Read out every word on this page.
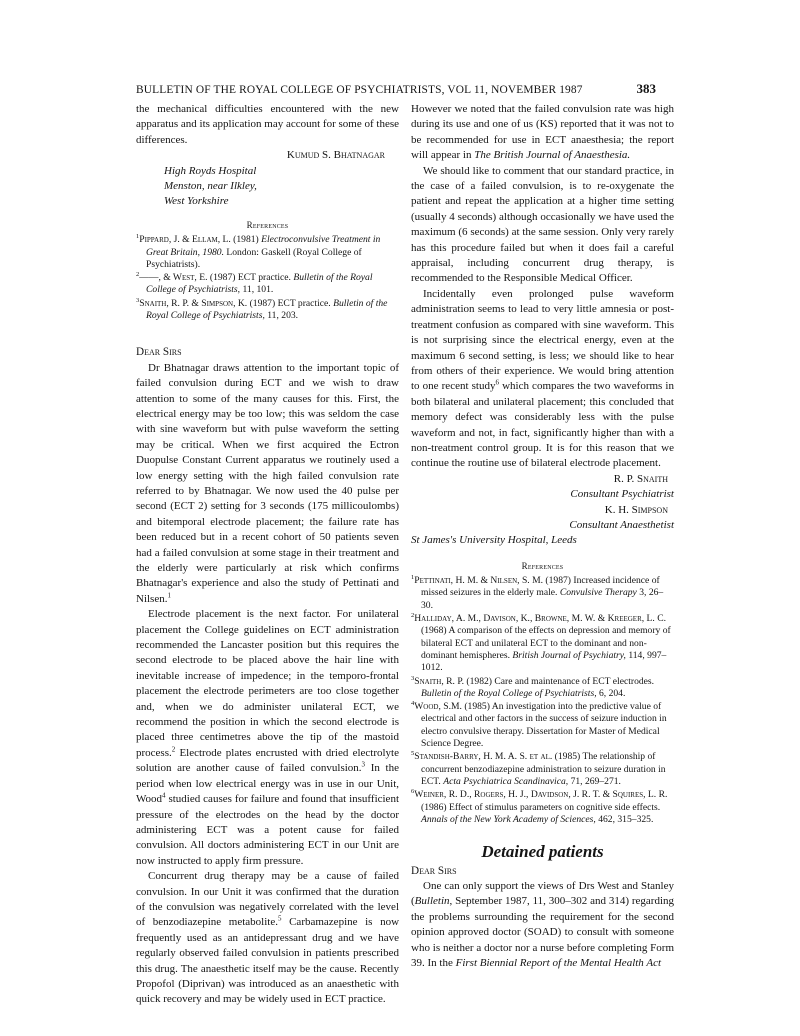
BULLETIN OF THE ROYAL COLLEGE OF PSYCHIATRISTS, VOL 11, NOVEMBER 1987	383

the mechanical difficulties encountered with the new apparatus and its application may account for some of these differences.

Kumud S. Bhatnagar

High Royds Hospital

Menston, near Ilkley,

West Yorkshire

References
$^1$Pippard, J. & Ellam, L. (1981) Electroconvulsive Treatment in Great Britain, 1980. London: Gaskell (Royal College of Psychiatrists).
$^2$——, & West, E. (1987) ECT practice. Bulletin of the Royal College of Psychiatrists, 11, 101.
$^3$Snaith, R. P. & Simpson, K. (1987) ECT practice. Bulletin of the Royal College of Psychiatrists, 11, 203.

Dear Sirs

Dr Bhatnagar draws attention to the important topic of failed convulsion during ECT and we wish to draw attention to some of the many causes for this. First, the electrical energy may be too low; this was seldom the case with sine waveform but with pulse waveform the setting may be critical. When we first acquired the Ectron Duopulse Constant Current apparatus we routinely used a low energy setting with the high failed convulsion rate referred to by Bhatnagar. We now used the 40 pulse per second (ECT 2) setting for 3 seconds (175 millicoulombs) and bitemporal electrode placement; the failure rate has been reduced but in a recent cohort of 50 patients seven had a failed convulsion at some stage in their treatment and the elderly were particularly at risk which confirms Bhatnagar's experience and also the study of Pettinati and Nilsen.$^1$

Electrode placement is the next factor. For unilateral placement the College guidelines on ECT administration recommended the Lancaster position but this requires the second electrode to be placed above the hair line with inevitable increase of impedence; in the temporo-frontal placement the electrode perimeters are too close together and, when we do administer unilateral ECT, we recommend the position in which the second electrode is placed three centimetres above the tip of the mastoid process.$^2$ Electrode plates encrusted with dried electrolyte solution are another cause of failed convulsion.$^3$ In the period when low electrical energy was in use in our Unit, Wood$^4$ studied causes for failure and found that insufficient pressure of the electrodes on the head by the doctor administering ECT was a potent cause for failed convulsion. All doctors administering ECT in our Unit are now instructed to apply firm pressure.

Concurrent drug therapy may be a cause of failed convulsion. In our Unit it was confirmed that the duration of the convulsion was negatively correlated with the level of benzodiazepine metabolite.$^5$ Carbamazepine is now frequently used as an antidepressant drug and we have regularly observed failed convulsion in patients prescribed this drug. The anaesthetic itself may be the cause. Recently Propofol (Diprivan) was introduced as an anaesthetic with quick recovery and may be widely used in ECT practice.

However we noted that the failed convulsion rate was high during its use and one of us (KS) reported that it was not to be recommended for use in ECT anaesthesia; the report will appear in The British Journal of Anaesthesia.

We should like to comment that our standard practice, in the case of a failed convulsion, is to re-oxygenate the patient and repeat the application at a higher time setting (usually 4 seconds) although occasionally we have used the maximum (6 seconds) at the same session. Only very rarely has this procedure failed but when it does fail a careful appraisal, including concurrent drug therapy, is recommended to the Responsible Medical Officer.

Incidentally even prolonged pulse waveform administration seems to lead to very little amnesia or post-treatment confusion as compared with sine waveform. This is not surprising since the electrical energy, even at the maximum 6 second setting, is less; we should like to hear from others of their experience. We would bring attention to one recent study$^6$ which compares the two waveforms in both bilateral and unilateral placement; this concluded that memory defect was considerably less with the pulse waveform and not, in fact, significantly higher than with a non-treatment control group. It is for this reason that we continue the routine use of bilateral electrode placement.

R. P. Snaith

Consultant Psychiatrist

K. H. Simpson

Consultant Anaesthetist

St James's University Hospital, Leeds

References
$^1$Pettinati, H. M. & Nilsen, S. M. (1987) Increased incidence of missed seizures in the elderly male. Convulsive Therapy 3, 26–30.
$^2$Halliday, A. M., Davison, K., Browne, M. W. & Kreeger, L. C. (1968) A comparison of the effects on depression and memory of bilateral ECT and unilateral ECT to the dominant and non-dominant hemispheres. British Journal of Psychiatry, 114, 997–1012.
$^3$Snaith, R. P. (1982) Care and maintenance of ECT electrodes. Bulletin of the Royal College of Psychiatrists, 6, 204.
$^4$Wood, S.M. (1985) An investigation into the predictive value of electrical and other factors in the success of seizure induction in electro convulsive therapy. Dissertation for Master of Medical Science Degree.
$^5$Standish-Barry, H. M. A. S. et al. (1985) The relationship of concurrent benzodiazepine administration to seizure duration in ECT. Acta Psychiatrica Scandinavica, 71, 269–271.
$^6$Weiner, R. D., Rogers, H. J., Davidson, J. R. T. & Squires, L. R. (1986) Effect of stimulus parameters on cognitive side effects. Annals of the New York Academy of Sciences, 462, 315–325.
Detained patients

Dear Sirs

One can only support the views of Drs West and Stanley (Bulletin, September 1987, 11, 300–302 and 314) regarding the problems surrounding the requirement for the second opinion approved doctor (SOAD) to consult with someone who is neither a doctor nor a nurse before completing Form 39. In the First Biennial Report of the Mental Health Act
